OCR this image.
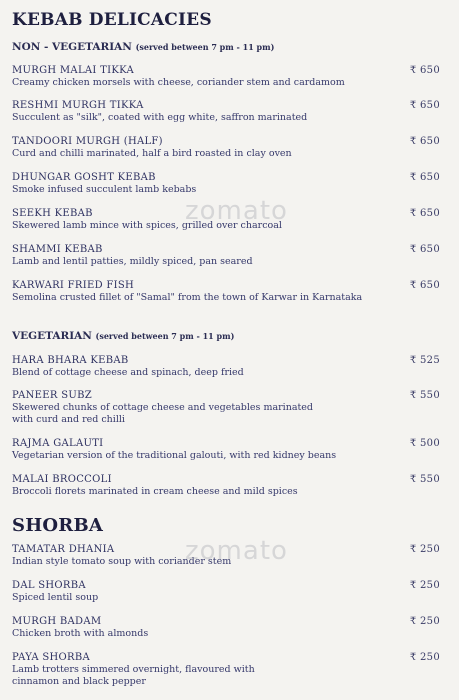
KEBAB DELICACIES
NON - VEGETARIAN (served between 7 pm - 11 pm)
MURGH MALAI TIKKA
Creamy chicken morsels with cheese, coriander stem and cardamom
₹ 650
RESHMI MURGH TIKKA
Succulent as "silk", coated with egg white, saffron marinated
₹ 650
TANDOORI MURGH (HALF)
Curd and chilli marinated, half a bird roasted in clay oven
₹ 650
DHUNGAR GOSHT KEBAB
Smoke infused succulent lamb kebabs
₹ 650
SEEKH KEBAB
Skewered lamb mince with spices, grilled over charcoal
₹ 650
SHAMMI KEBAB
Lamb and lentil patties, mildly spiced, pan seared
₹ 650
KARWARI FRIED FISH
Semolina crusted fillet of "Samal" from the town of Karwar in Karnataka
₹ 650
VEGETARIAN (served between 7 pm - 11 pm)
HARA BHARA KEBAB
Blend of cottage cheese and spinach, deep fried
₹ 525
PANEER SUBZ
Skewered chunks of cottage cheese and vegetables marinated with curd and red chilli
₹ 550
RAJMA GALAUTI
Vegetarian version of the traditional galouti, with red kidney beans
₹ 500
MALAI BROCCOLI
Broccoli florets marinated in cream cheese and mild spices
₹ 550
SHORBA
TAMATAR DHANIA
Indian style tomato soup with coriander stem
₹ 250
DAL SHORBA
Spiced lentil soup
₹ 250
MURGH BADAM
Chicken broth with almonds
₹ 250
PAYA SHORBA
Lamb trotters simmered overnight, flavoured with cinnamon and black pepper
₹ 250
zomato
zomato
